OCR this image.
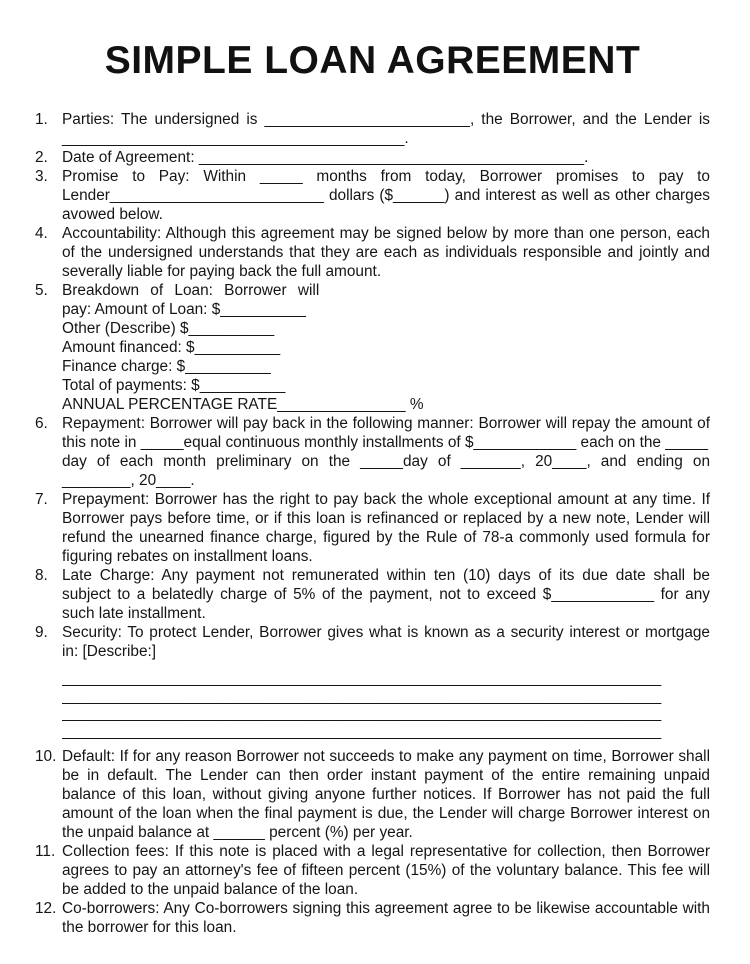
SIMPLE LOAN AGREEMENT
1. Parties: The undersigned is ________________________, the Borrower, and the Lender is ________________________________________.

2. Date of Agreement: _____________________________________________.

3. Promise to Pay: Within _____ months from today, Borrower promises to pay to Lender_________________________ dollars ($______) and interest as well as other charges avowed below.

4. Accountability: Although this agreement may be signed below by more than one person, each of the undersigned understands that they are each as individuals responsible and jointly and severally liable for paying back the full amount.

5. Breakdown of Loan: Borrower will
pay: Amount of Loan: $__________
Other (Describe) $__________
Amount financed: $__________
Finance charge: $__________
Total of payments: $__________
ANNUAL PERCENTAGE RATE_______________ %
6. Repayment: Borrower will pay back in the following manner: Borrower will repay the amount of this note in _____equal continuous monthly installments of $____________ each on the _____

day of each month preliminary on the _____day of _______, 20____, and ending on ________, 20____.

7. Prepayment: Borrower has the right to pay back the whole exceptional amount at any time. If Borrower pays before time, or if this loan is refinanced or replaced by a new note, Lender will refund the unearned finance charge, figured by the Rule of 78-a commonly used formula for figuring rebates on installment loans.

8. Late Charge: Any payment not remunerated within ten (10) days of its due date shall be subject to a belatedly charge of 5% of the payment, not to exceed $____________ for any such late installment.

9. Security: To protect Lender, Borrower gives what is known as a security interest or mortgage in: [Describe:]

______________________________________________________________________
______________________________________________________________________
______________________________________________________________________
______________________________________________________________________
10. Default: If for any reason Borrower not succeeds to make any payment on time, Borrower shall be in default. The Lender can then order instant payment of the entire remaining unpaid balance of this loan, without giving anyone further notices. If Borrower has not paid the full amount of the loan when the final payment is due, the Lender will charge Borrower interest on the unpaid balance at ______ percent (%) per year.

11. Collection fees: If this note is placed with a legal representative for collection, then Borrower agrees to pay an attorney's fee of fifteen percent (15%) of the voluntary balance. This fee will be added to the unpaid balance of the loan.

12. Co-borrowers: Any Co-borrowers signing this agreement agree to be likewise accountable with the borrower for this loan.
